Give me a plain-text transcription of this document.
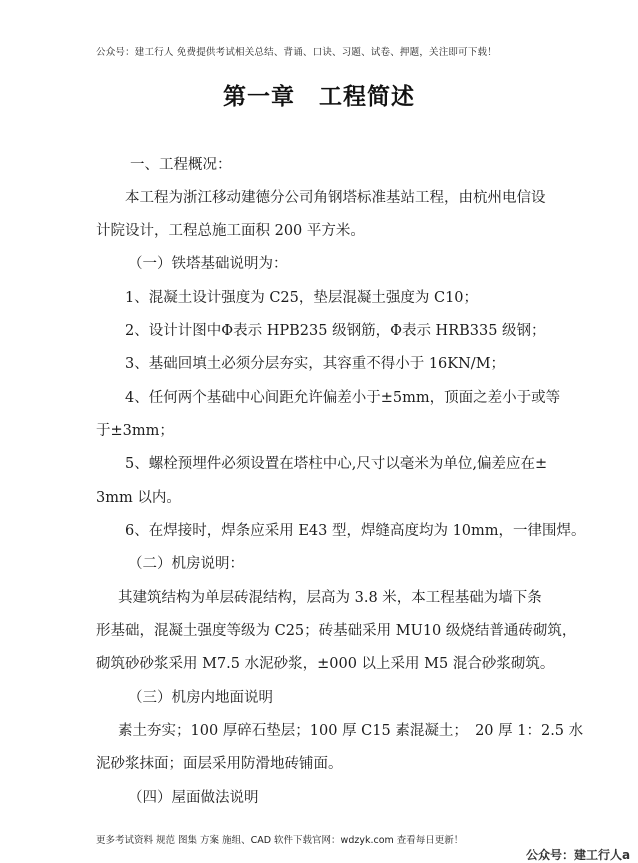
公众号：建工行人 免费提供考试相关总结、背诵、口诀、习题、试卷、押题，关注即可下载！
第一章　工程简述
一、工程概况：
本工程为浙江移动建德分公司角钢塔标准基站工程，由杭州电信设
计院设计，工程总施工面积 200 平方米。
（一）铁塔基础说明为：
1、混凝土设计强度为 C25，垫层混凝土强度为 C10；
2、设计计图中Φ表示 HPB235 级钢筋，Φ表示 HRB335 级钢；
3、基础回填土必须分层夯实，其容重不得小于 16KN/M；
4、任何两个基础中心间距允许偏差小于±5mm，顶面之差小于或等
于±3mm；
5、螺栓预埋件必须设置在塔柱中心,尺寸以毫米为单位,偏差应在±
3mm 以内。
6、在焊接时，焊条应采用 E43 型，焊缝高度均为 10mm，一律围焊。
（二）机房说明：
其建筑结构为单层砖混结构，层高为 3.8 米，本工程基础为墙下条
形基础，混凝土强度等级为 C25；砖基础采用 MU10 级烧结普通砖砌筑，
砌筑砂砂浆采用 M7.5 水泥砂浆，±000 以上采用 M5 混合砂浆砌筑。
（三）机房内地面说明
素土夯实；100 厚碎石垫层；100 厚 C15 素混凝土；　20 厚 1：2.5 水
泥砂浆抹面；面层采用防滑地砖铺面。
（四）屋面做法说明
更多考试资料 规范 图集 方案 施组、CAD 软件下载官网：wdzyk.com 查看每日更新！
公众号：建工行人a
